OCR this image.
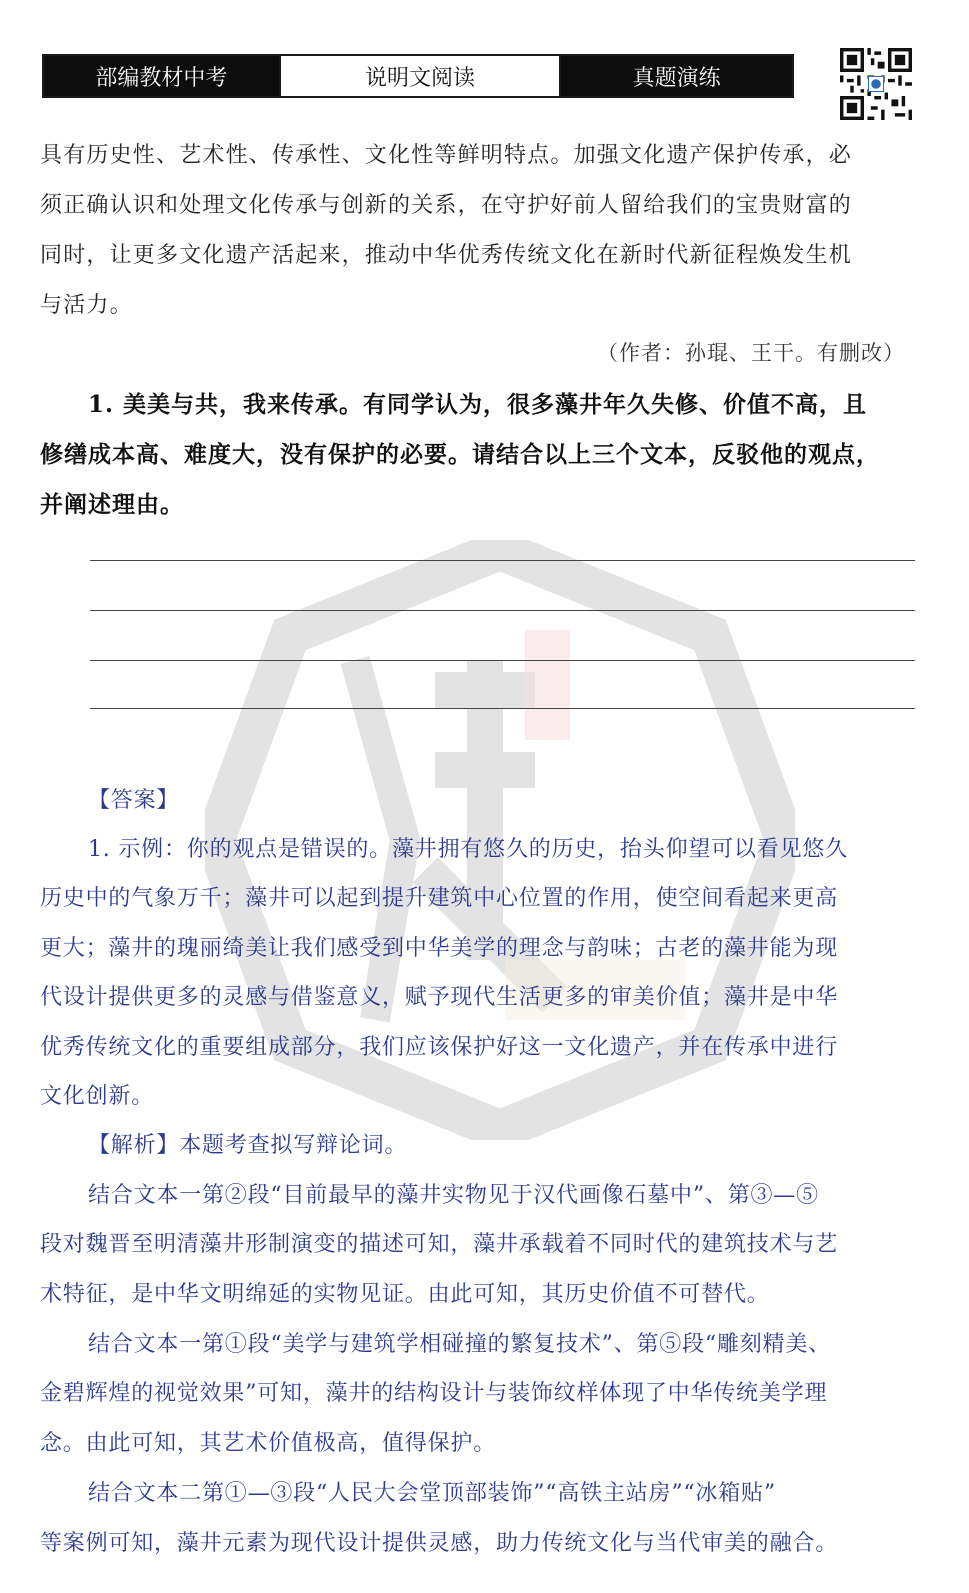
部编教材中考	说明文阅读	真题演练
具有历史性、艺术性、传承性、文化性等鲜明特点。加强文化遗产保护传承，必
须正确认识和处理文化传承与创新的关系，在守护好前人留给我们的宝贵财富的
同时，让更多文化遗产活起来，推动中华优秀传统文化在新时代新征程焕发生机
与活力。
（作者：孙琨、王干。有删改）
1. 美美与共，我来传承。有同学认为，很多藻井年久失修、价值不高，且
修缮成本高、难度大，没有保护的必要。请结合以上三个文本，反驳他的观点，
并阐述理由。
【答案】
1. 示例：你的观点是错误的。藻井拥有悠久的历史，抬头仰望可以看见悠久
历史中的气象万千；藻井可以起到提升建筑中心位置的作用，使空间看起来更高
更大；藻井的瑰丽绮美让我们感受到中华美学的理念与韵味；古老的藻井能为现
代设计提供更多的灵感与借鉴意义，赋予现代生活更多的审美价值；藻井是中华
优秀传统文化的重要组成部分，我们应该保护好这一文化遗产，并在传承中进行
文化创新。
【解析】本题考查拟写辩论词。
结合文本一第②段“目前最早的藻井实物见于汉代画像石墓中”、第③—⑤
段对魏晋至明清藻井形制演变的描述可知，藻井承载着不同时代的建筑技术与艺
术特征，是中华文明绵延的实物见证。由此可知，其历史价值不可替代。
结合文本一第①段“美学与建筑学相碰撞的繁复技术”、第⑤段“雕刻精美、
金碧辉煌的视觉效果”可知，藻井的结构设计与装饰纹样体现了中华传统美学理
念。由此可知，其艺术价值极高，值得保护。
结合文本二第①—③段“人民大会堂顶部装饰”“高铁主站房”“冰箱贴”
等案例可知，藻井元素为现代设计提供灵感，助力传统文化与当代审美的融合。
